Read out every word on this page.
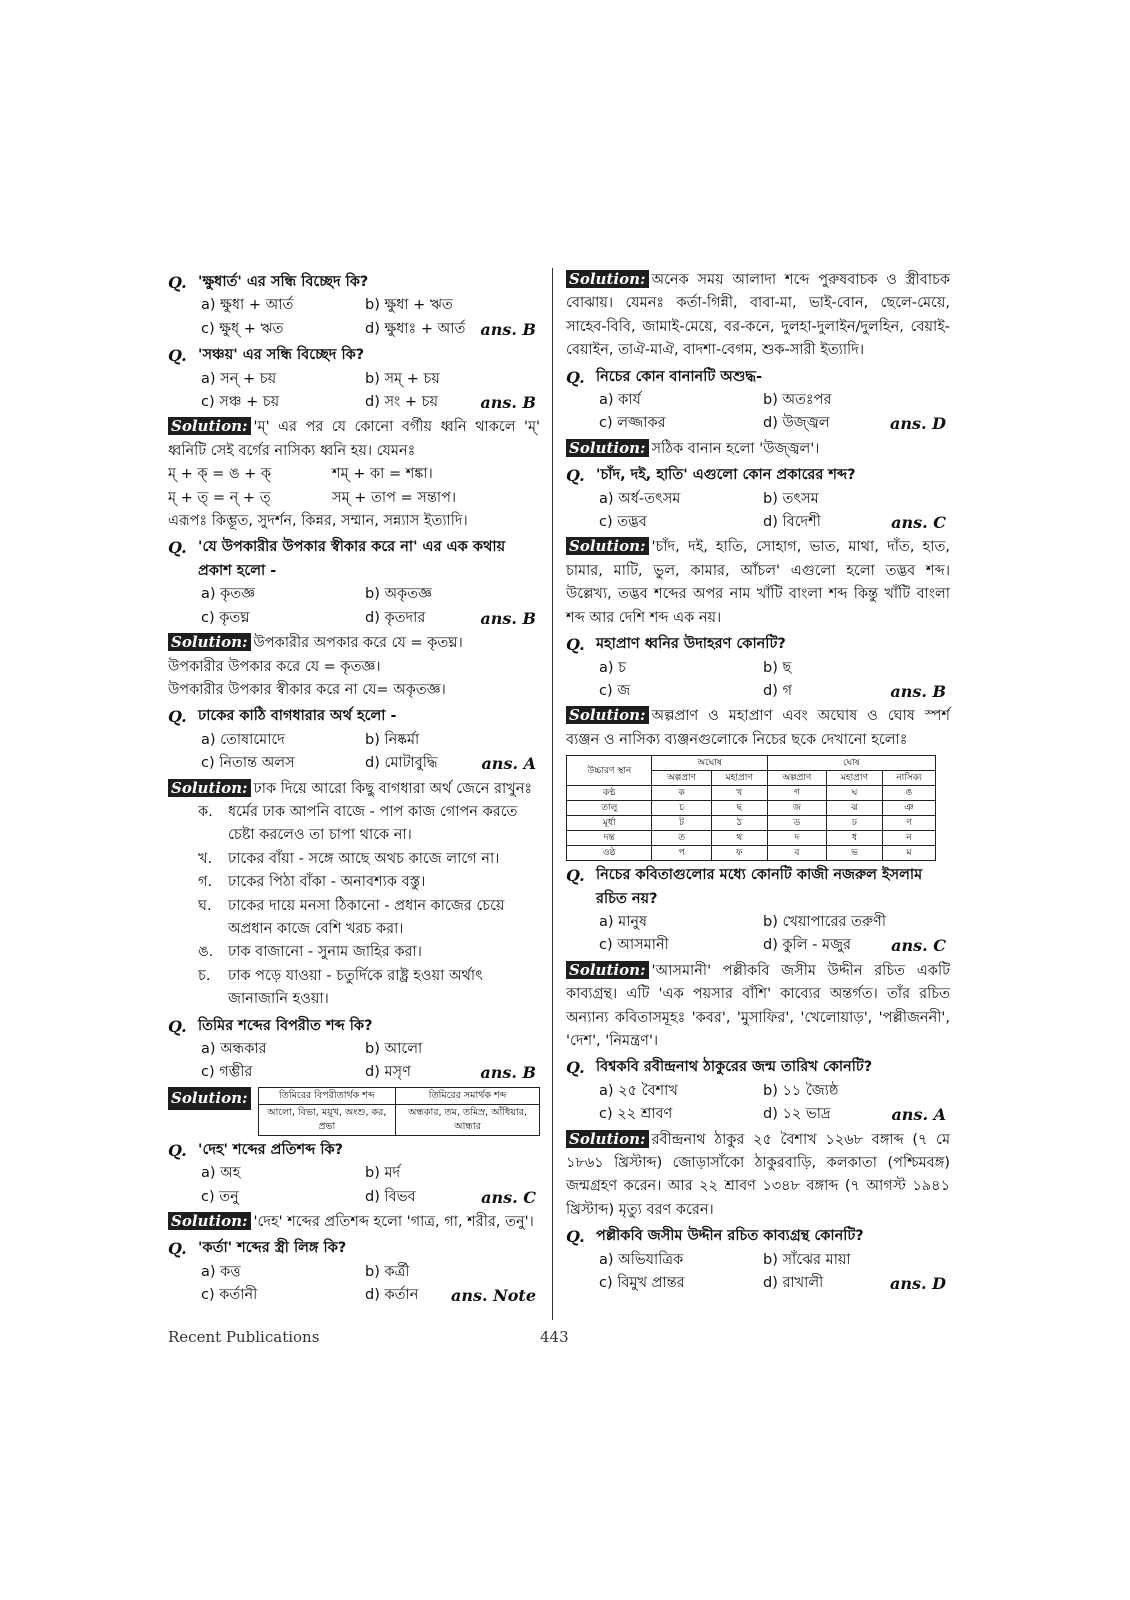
Q. 'ক্ষুধার্ত' এর সন্ধি বিচ্ছেদ কি?
a) ক্ষুধা + আর্ত	b) ক্ষুধা + ঋত
c) ক্ষুধ্ + ঋত	d) ক্ষুধাঃ + আর্ত ans. B
Q. 'সঞ্চয়' এর সন্ধি বিচ্ছেদ কি?
a) সন্ + চয়	b) সম্ + চয়
c) সঞ্চ + চয়	d) সং + চয়	ans. B
Solution: 'ম্' এর পর যে কোনো বর্গীয় ধ্বনি থাকলে 'ম্' ধ্বনিটি সেই বর্গের নাসিক্য ধ্বনি হয়। যেমনঃ
ম্ + ক্ = ঙ + ক্	শম্ + কা = শঙ্কা।
ম্ + ত্ = ন্ + ত্	সম্ + তাপ = সন্তাপ।
এরূপঃ কিম্ভূত, সুদর্শন, কিন্নর, সম্মান, সন্ন্যাস ইত্যাদি।
Q. 'যে উপকারীর উপকার স্বীকার করে না' এর এক কথায় প্রকাশ হলো -
a) কৃতজ্ঞ	b) অকৃতজ্ঞ
c) কৃতঘ্ন	d) কৃতদার	ans. B
Solution: উপকারীর অপকার করে যে = কৃতঘ্ন।
উপকারীর উপকার করে যে = কৃতজ্ঞ।
উপকারীর উপকার স্বীকার করে না যে= অকৃতজ্ঞ।
Q. ঢাকের কাঠি বাগধারার অর্থ হলো -
a) তোষামোদে	b) নিষ্কর্মা
c) নিতান্ত অলস	d) মোটাবুদ্ধি	ans. A
Solution: ঢাক দিয়ে আরো কিছু বাগধারা অর্থ জেনে রাখুনঃ
ক.	ধর্মের ঢাক আপনি বাজে - পাপ কাজ গোপন করতে চেষ্টা করলেও তা চাপা থাকে না।
খ.	ঢাকের বাঁয়া - সঙ্গে আছে অথচ কাজে লাগে না।
গ.	ঢাকের পিঠা বাঁকা - অনাবশ্যক বস্তু।
ঘ.	ঢাকের দায়ে মনসা ঠিকানো - প্রধান কাজের চেয়ে অপ্রধান কাজে বেশি খরচ করা।
ঙ.	ঢাক বাজানো - সুনাম জাহির করা।
চ.	ঢাক পড়ে যাওয়া - চতুর্দিকে রাষ্ট্র হওয়া অর্থাৎ জানাজানি হওয়া।
Q. তিমির শব্দের বিপরীত শব্দ কি?
a) অন্ধকার	b) আলো
c) গম্ভীর	d) মসৃণ	ans. B
Solution:	তিমিরের বিপরীতার্থক শব্দ	তিমিরের সমার্থক শব্দ
আলো, বিভা, ময়ূখ, অংশু, কর, প্রভা	অন্ধকার, তম, তমিস্র, আঁধিয়ার, আন্ধার
Q. 'দেহ' শব্দের প্রতিশব্দ কি?
a) অহ	b) মর্দ
c) তনু	d) বিভব	ans. C
Solution: 'দেহ' শব্দের প্রতিশব্দ হলো 'গাত্র, গা, শরীর, তনু'।
Q. 'কর্তা' শব্দের স্ত্রী লিঙ্গ কি?
a) কত্ত	b) কর্ত্রী
c) কর্তানী	d) কর্তান ans. Note
Solution: অনেক সময় আলাদা শব্দে পুরুষবাচক ও স্ত্রীবাচক বোঝায়। যেমনঃ কর্তা-গিন্নী, বাবা-মা, ভাই-বোন, ছেলে-মেয়ে, সাহেব-বিবি, জামাই-মেয়ে, বর-কনে, দুলহা-দুলাইন/দুলহিন, বেয়াই-বেয়াইন, তাঐ-মাঐ, বাদশা-বেগম, শুক-সারী ইত্যাদি।
Q. নিচের কোন বানানটি অশুদ্ধ-
a) কার্য	b) অতঃপর
c) লজ্জাকর	d) উজ্জ্বল	ans. D
Solution: সঠিক বানান হলো 'উজ্জ্বল'।
Q. 'চাঁদ, দই, হাতি' এগুলো কোন প্রকারের শব্দ?
a) অর্ধ-তৎসম	b) তৎসম
c) তদ্ভব	d) বিদেশী	ans. C
Solution: 'চাঁদ, দই, হাতি, সোহাগ, ভাত, মাথা, দাঁত, হাত, চামার, মাটি, ভুল, কামার, আঁচল' এগুলো হলো তদ্ভব শব্দ। উল্লেখ্য, তদ্ভব শব্দের অপর নাম খাঁটি বাংলা শব্দ কিন্তু খাঁটি বাংলা শব্দ আর দেশি শব্দ এক নয়।
Q. মহাপ্রাণ ধ্বনির উদাহরণ কোনটি?
a) চ	b) ছ
c) জ	d) গ	ans. B
Solution: অল্পপ্রাণ ও মহাপ্রাণ এবং অঘোষ ও ঘোষ স্পর্শ ব্যঞ্জন ও নাসিক্য ব্যঞ্জনগুলোকে নিচের ছকে দেখানো হলোঃ
উচ্চারণ স্থান	অঘোষ		ঘোষ		
	অল্পপ্রাণ	মহাপ্রাণ	অল্পপ্রাণ	মহাপ্রাণ	নাসিক্য
কণ্ঠ	ক	খ	গ	ঘ	ঙ
তালু	চ	ছ	জ	ঝ	ঞ
মূর্ধা	ট	ঠ	ড	ঢ	ণ
দন্ত	ত	থ	দ	ধ	ন
ওষ্ঠ	প	ফ	ব	ভ	ম
Q. নিচের কবিতাগুলোর মধ্যে কোনটি কাজী নজরুল ইসলাম রচিত নয়?
a) মানুষ	b) খেয়াপারের তরুণী
c) আসমানী	d) কুলি - মজুর	ans. C
Solution: 'আসমানী' পল্লীকবি জসীম উদ্দীন রচিত একটি কাব্যগ্রন্থ। এটি 'এক পয়সার বাঁশি' কাব্যের অন্তর্গত। তাঁর রচিত অন্যান্য কবিতাসমূহঃ 'কবর', 'মুসাফির', 'খেলোয়াড়', 'পল্লীজননী', 'দেশ', 'নিমন্ত্রণ'।
Q. বিশ্বকবি রবীন্দ্রনাথ ঠাকুরের জন্ম তারিখ কোনটি?
a) ২৫ বৈশাখ	b) ১১ জ্যৈষ্ঠ
c) ২২ শ্রাবণ	d) ১২ ভাদ্র	ans. A
Solution: রবীন্দ্রনাথ ঠাকুর ২৫ বৈশাখ ১২৬৮ বঙ্গাব্দ (৭ মে ১৮৬১ খ্রিস্টাব্দ) জোড়াসাঁকো ঠাকুরবাড়ি, কলকাতা (পশ্চিমবঙ্গ) জন্মগ্রহণ করেন। আর ২২ শ্রাবণ ১৩৪৮ বঙ্গাব্দ (৭ আগস্ট ১৯৪১ খ্রিস্টাব্দ) মৃত্যু বরণ করেন।
Q. পল্লীকবি জসীম উদ্দীন রচিত কাব্যগ্রন্থ কোনটি?
a) অভিযাত্রিক	b) সাঁঝের মায়া
c) বিমুখ প্রান্তর	d) রাখালী	ans. D
Recent Publications	443
